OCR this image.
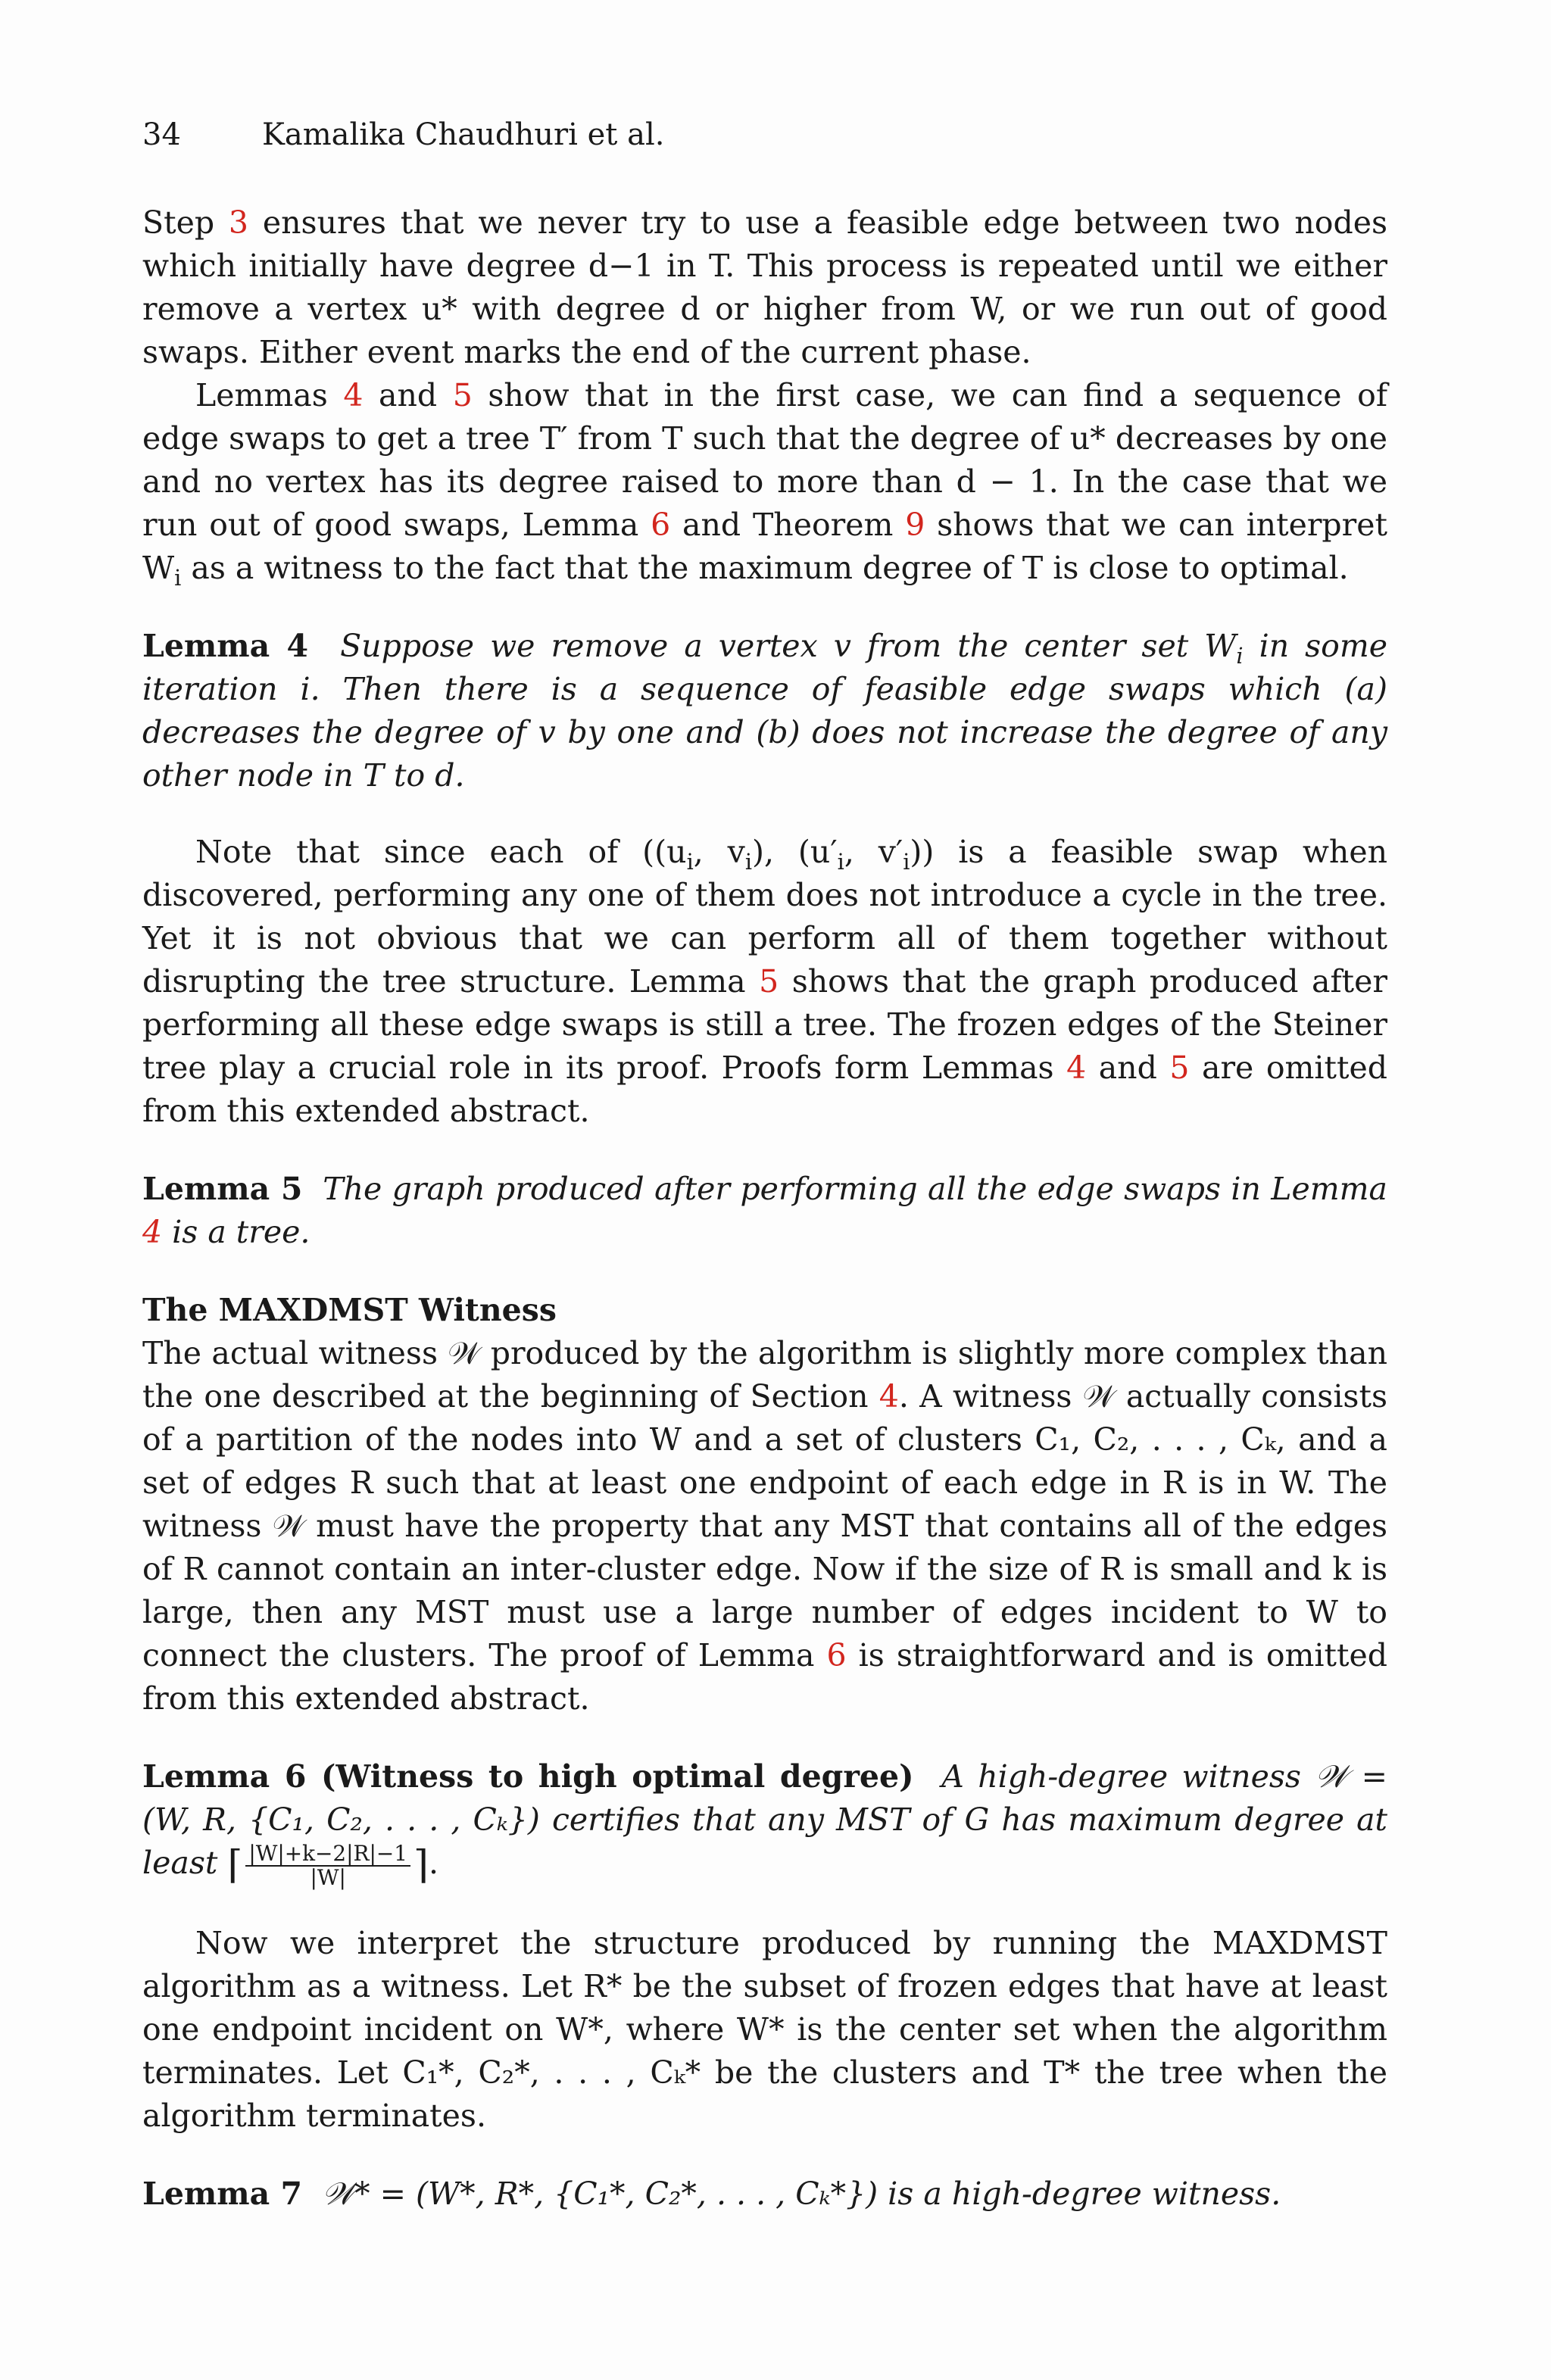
34	Kamalika Chaudhuri et al.

Step 3 ensures that we never try to use a feasible edge between two nodes which initially have degree d−1 in T. This process is repeated until we either remove a vertex u* with degree d or higher from W, or we run out of good swaps. Either event marks the end of the current phase.

Lemmas 4 and 5 show that in the first case, we can find a sequence of edge swaps to get a tree T′ from T such that the degree of u* decreases by one and no vertex has its degree raised to more than d − 1. In the case that we run out of good swaps, Lemma 6 and Theorem 9 shows that we can interpret $W_i$ as a witness to the fact that the maximum degree of T is close to optimal.

Lemma 4 Suppose we remove a vertex v from the center set $W_i$ in some iteration i. Then there is a sequence of feasible edge swaps which (a) decreases the degree of v by one and (b) does not increase the degree of any other node in T to d.

Note that since each of (($u_i$, $v_i$), ($u'_i$, $v'_i$)) is a feasible swap when discovered, performing any one of them does not introduce a cycle in the tree. Yet it is not obvious that we can perform all of them together without disrupting the tree structure. Lemma 5 shows that the graph produced after performing all these edge swaps is still a tree. The frozen edges of the Steiner tree play a crucial role in its proof. Proofs form Lemmas 4 and 5 are omitted from this extended abstract.

Lemma 5 The graph produced after performing all the edge swaps in Lemma 4 is a tree.

The MAXDMST Witness

The actual witness 𝒲 produced by the algorithm is slightly more complex than the one described at the beginning of Section 4. A witness 𝒲 actually consists of a partition of the nodes into W and a set of clusters C₁, C₂, . . . , Cₖ, and a set of edges R such that at least one endpoint of each edge in R is in W. The witness 𝒲 must have the property that any MST that contains all of the edges of R cannot contain an inter-cluster edge. Now if the size of R is small and k is large, then any MST must use a large number of edges incident to W to connect the clusters. The proof of Lemma 6 is straightforward and is omitted from this extended abstract.

Lemma 6 (Witness to high optimal degree) A high-degree witness 𝒲 = (W, R, {C₁, C₂, . . . , Cₖ}) certifies that any MST of G has maximum degree at least ⌈ $\frac{|W|+k-2|R|-1}{|W|}$ ⌉.

Now we interpret the structure produced by running the MAXDMST algorithm as a witness. Let R* be the subset of frozen edges that have at least one endpoint incident on W*, where W* is the center set when the algorithm terminates. Let C₁*, C₂*, . . . , Cₖ* be the clusters and T* the tree when the algorithm terminates.

Lemma 7 𝒲* = (W*, R*, {C₁*, C₂*, . . . , Cₖ*}) is a high-degree witness.
